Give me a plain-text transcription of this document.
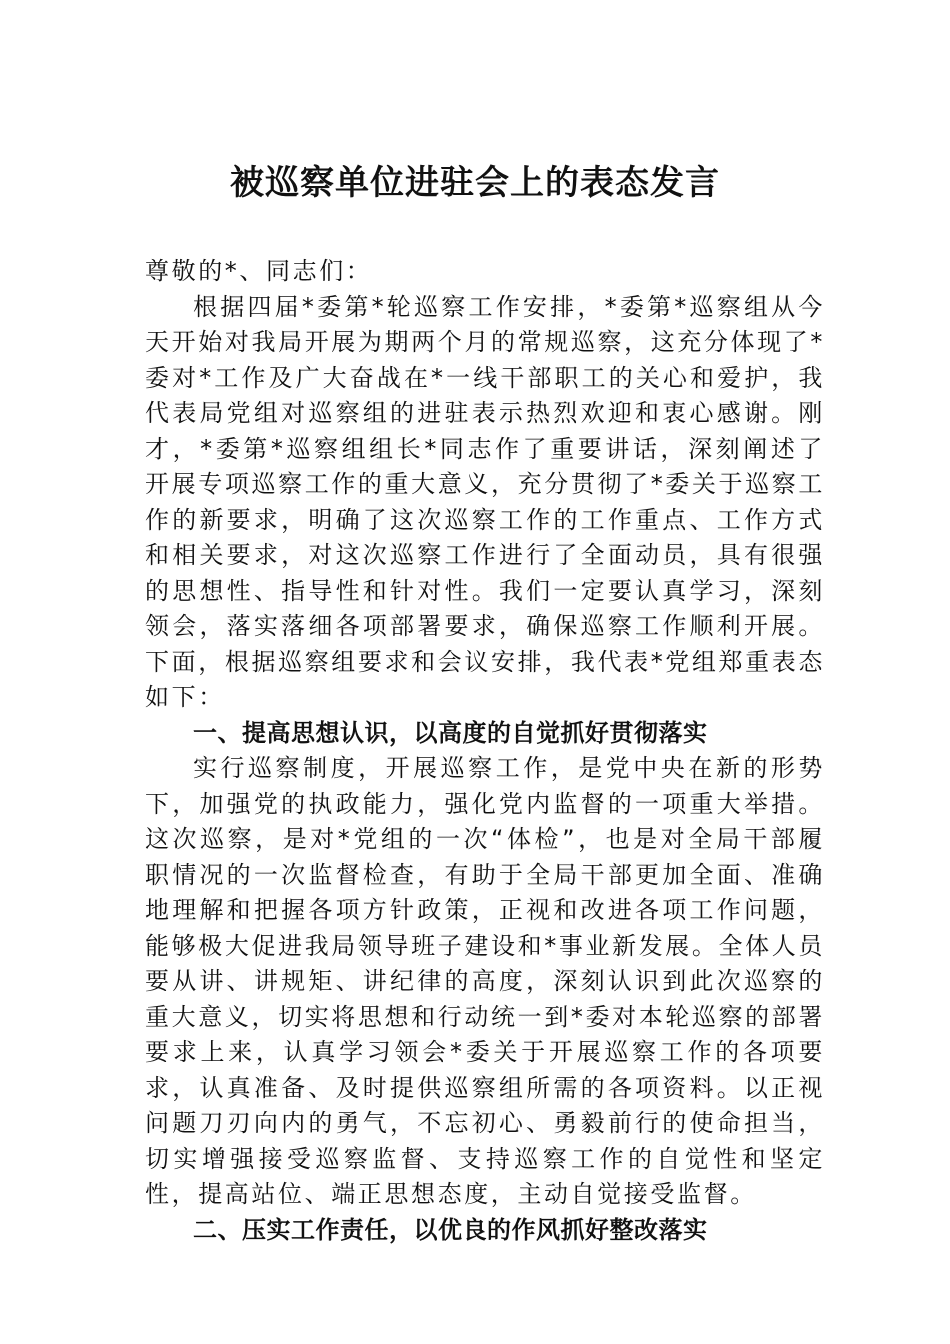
被巡察单位进驻会上的表态发言

尊敬的*、同志们：

根据四届*委第*轮巡察工作安排，*委第*巡察组从今天开始对我局开展为期两个月的常规巡察，这充分体现了*委对*工作及广大奋战在*一线干部职工的关心和爱护，我代表局党组对巡察组的进驻表示热烈欢迎和衷心感谢。刚才，*委第*巡察组组长*同志作了重要讲话，深刻阐述了开展专项巡察工作的重大意义，充分贯彻了*委关于巡察工作的新要求，明确了这次巡察工作的工作重点、工作方式和相关要求，对这次巡察工作进行了全面动员，具有很强的思想性、指导性和针对性。我们一定要认真学习，深刻领会，落实落细各项部署要求，确保巡察工作顺利开展。下面，根据巡察组要求和会议安排，我代表*党组郑重表态如下：

一、提高思想认识，以高度的自觉抓好贯彻落实

实行巡察制度，开展巡察工作，是党中央在新的形势下，加强党的执政能力，强化党内监督的一项重大举措。这次巡察，是对*党组的一次“体检”，也是对全局干部履职情况的一次监督检查，有助于全局干部更加全面、准确地理解和把握各项方针政策，正视和改进各项工作问题，能够极大促进我局领导班子建设和*事业新发展。全体人员要从讲、讲规矩、讲纪律的高度，深刻认识到此次巡察的重大意义，切实将思想和行动统一到*委对本轮巡察的部署要求上来，认真学习领会*委关于开展巡察工作的各项要求，认真准备、及时提供巡察组所需的各项资料。以正视问题刀刃向内的勇气，不忘初心、勇毅前行的使命担当，切实增强接受巡察监督、支持巡察工作的自觉性和坚定性，提高站位、端正思想态度，主动自觉接受监督。

二、压实工作责任，以优良的作风抓好整改落实
